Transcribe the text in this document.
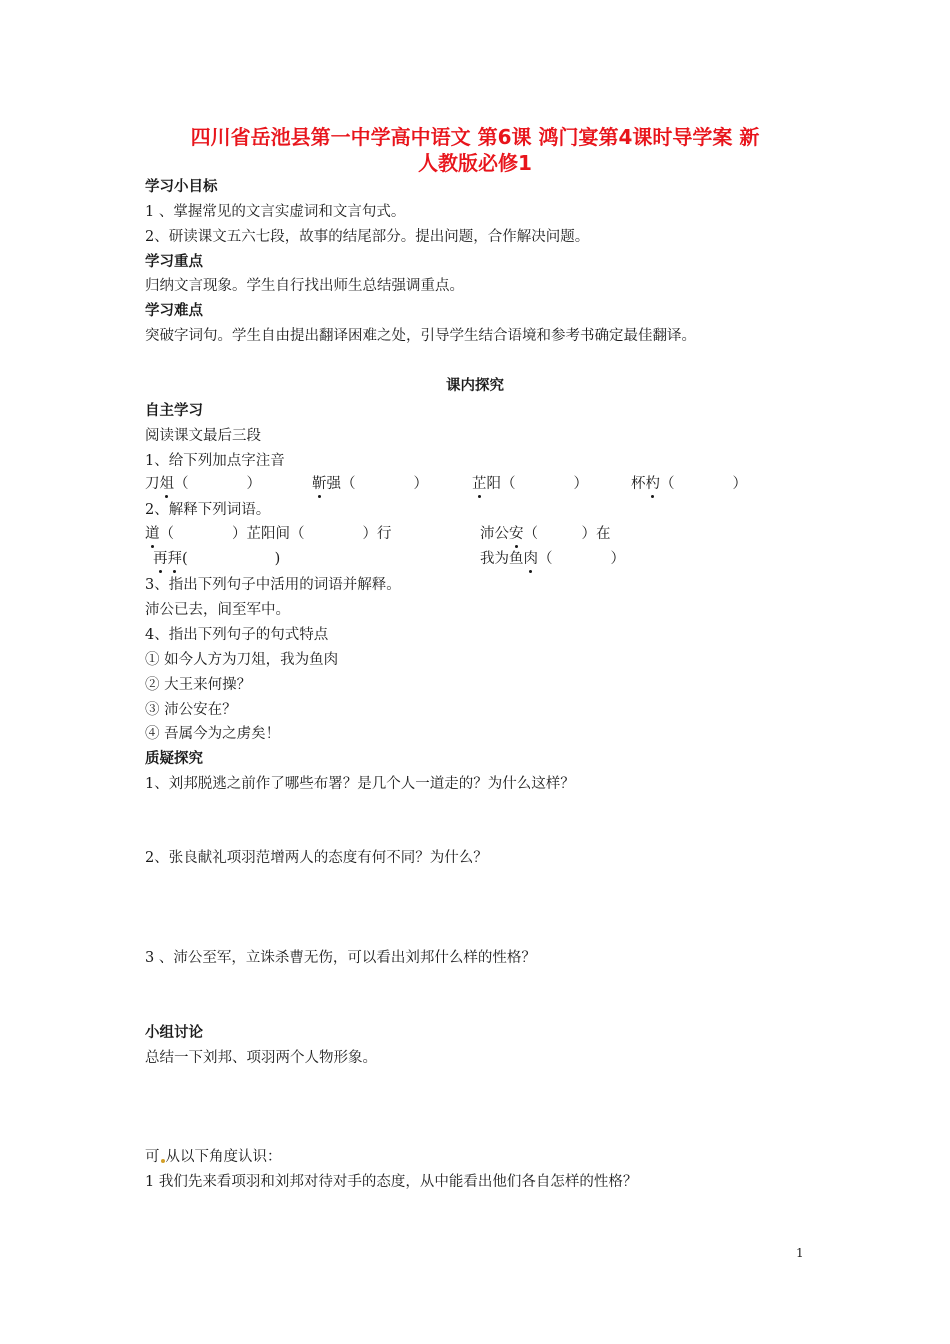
四川省岳池县第一中学高中语文 第6课 鸿门宴第4课时导学案 新
人教版必修1
学习小目标
1 、掌握常见的文言实虚词和文言句式。
2、研读课文五六七段，故事的结尾部分。提出问题，合作解决问题。
学习重点
归纳文言现象。学生自行找出师生总结强调重点。
学习难点
突破字词句。学生自由提出翻译困难之处，引导学生结合语境和参考书确定最佳翻译。
课内探究
自主学习
阅读课文最后三段
1、给下列加点字注音
刀俎（　　　　）	靳强（　　　　）	芷阳（　　　　）	杯杓（　　　　）
2、解释下列词语。
道（　　　　）芷阳间（　　　　）行	沛公安（　　　）在
再拜(　　　　　　)	我为鱼肉（　　　　）
3、指出下列句子中活用的词语并解释。
沛公已去，间至军中。
4、指出下列句子的句式特点
① 如今人方为刀俎，我为鱼肉
② 大王来何操？
③ 沛公安在？
④ 吾属今为之虏矣！
质疑探究
1、刘邦脱逃之前作了哪些布署？是几个人一道走的？为什么这样？
2、张良献礼项羽范增两人的态度有何不同？为什么？
3 、沛公至军，立诛杀曹无伤，可以看出刘邦什么样的性格？
小组讨论
总结一下刘邦、项羽两个人物形象。
可 从以下角度认识：
1 我们先来看项羽和刘邦对待对手的态度，从中能看出他们各自怎样的性格？
1
